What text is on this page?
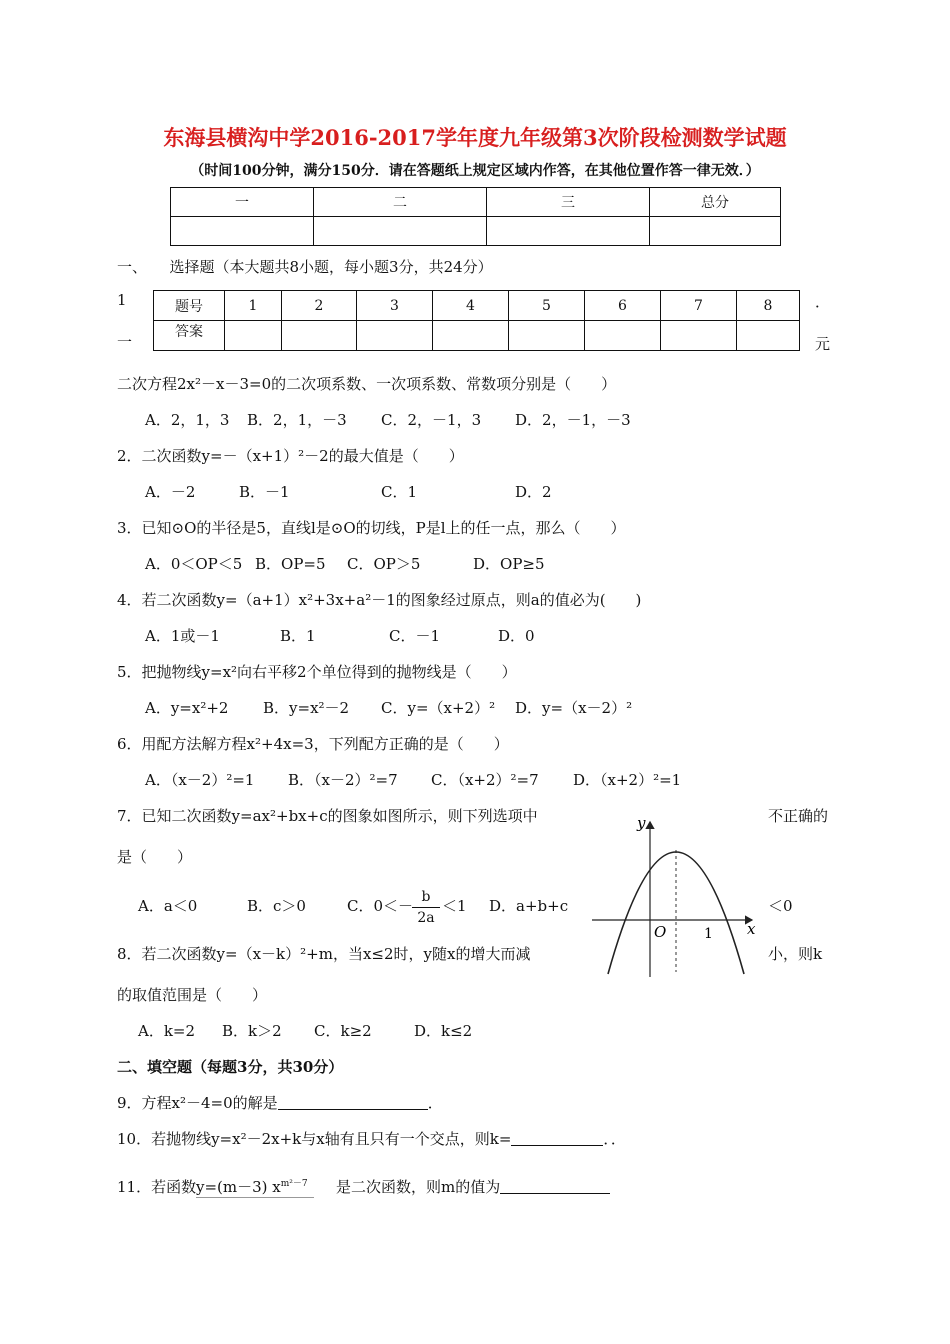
东海县横沟中学2016-2017学年度九年级第3次阶段检测数学试题
（时间100分钟，满分150分．请在答题纸上规定区域内作答，在其他位置作答一律无效．）
一	二	三	总分

一、　　选择题（本大题共8小题，每小题3分，共24分）
1
一
．
元
题号	1	2	3	4	5	6	7	8
答案								
二次方程2x²－x－3=0的二次项系数、一次项系数、常数项分别是（　　）
A．2，1，3 B．2，1，－3 C．2，－1，3 D．2，－1，－3
2．二次函数y=－（x+1）²－2的最大值是（　　）
A．－2	B．－1	C．1	D．2
3．已知⊙O的半径是5，直线l是⊙O的切线，P是l上的任一点，那么（　　）
A．0＜OP＜5 B．OP=5 C．OP＞5	D．OP≥5
4．若二次函数y=（a+1）x²+3x+a²－1的图象经过原点，则a的值必为(　　)
A．1或－1	B．1	C．－1	D．0
5．把抛物线y=x²向右平移2个单位得到的抛物线是（　　）
A．y=x²+2 B．y=x²－2 C．y=（x+2）² D．y=（x－2）²
6．用配方法解方程x²+4x=3，下列配方正确的是（　　）
A．（x－2）²=1 B．（x－2）²=7 C．（x+2）²=7 D．（x+2）²=1
7．已知二次函数y=ax²+bx+c的图象如图所示，则下列选项中	不正确的
是（　　）
A．a＜0	B．c＞0	C．0＜－
$\frac{b}{2a} <1$ D．a+b+c	＜0
y
x
O	1
8．若二次函数y=（x－k）²+m，当x≤2时，y随x的增大而减	小，则k
的取值范围是（　　）
A．k=2 B．k＞2 C．k≥2	D．k≤2
二、填空题（每题3分，共30分）
9．方程x²－4=0的解是	．
10．若抛物线y=x²－2x+k与x轴有且只有一个交点，则k=	．．
11．若函数 y=(m－3) $x^{m^2-7}$	是二次函数，则m的值为
